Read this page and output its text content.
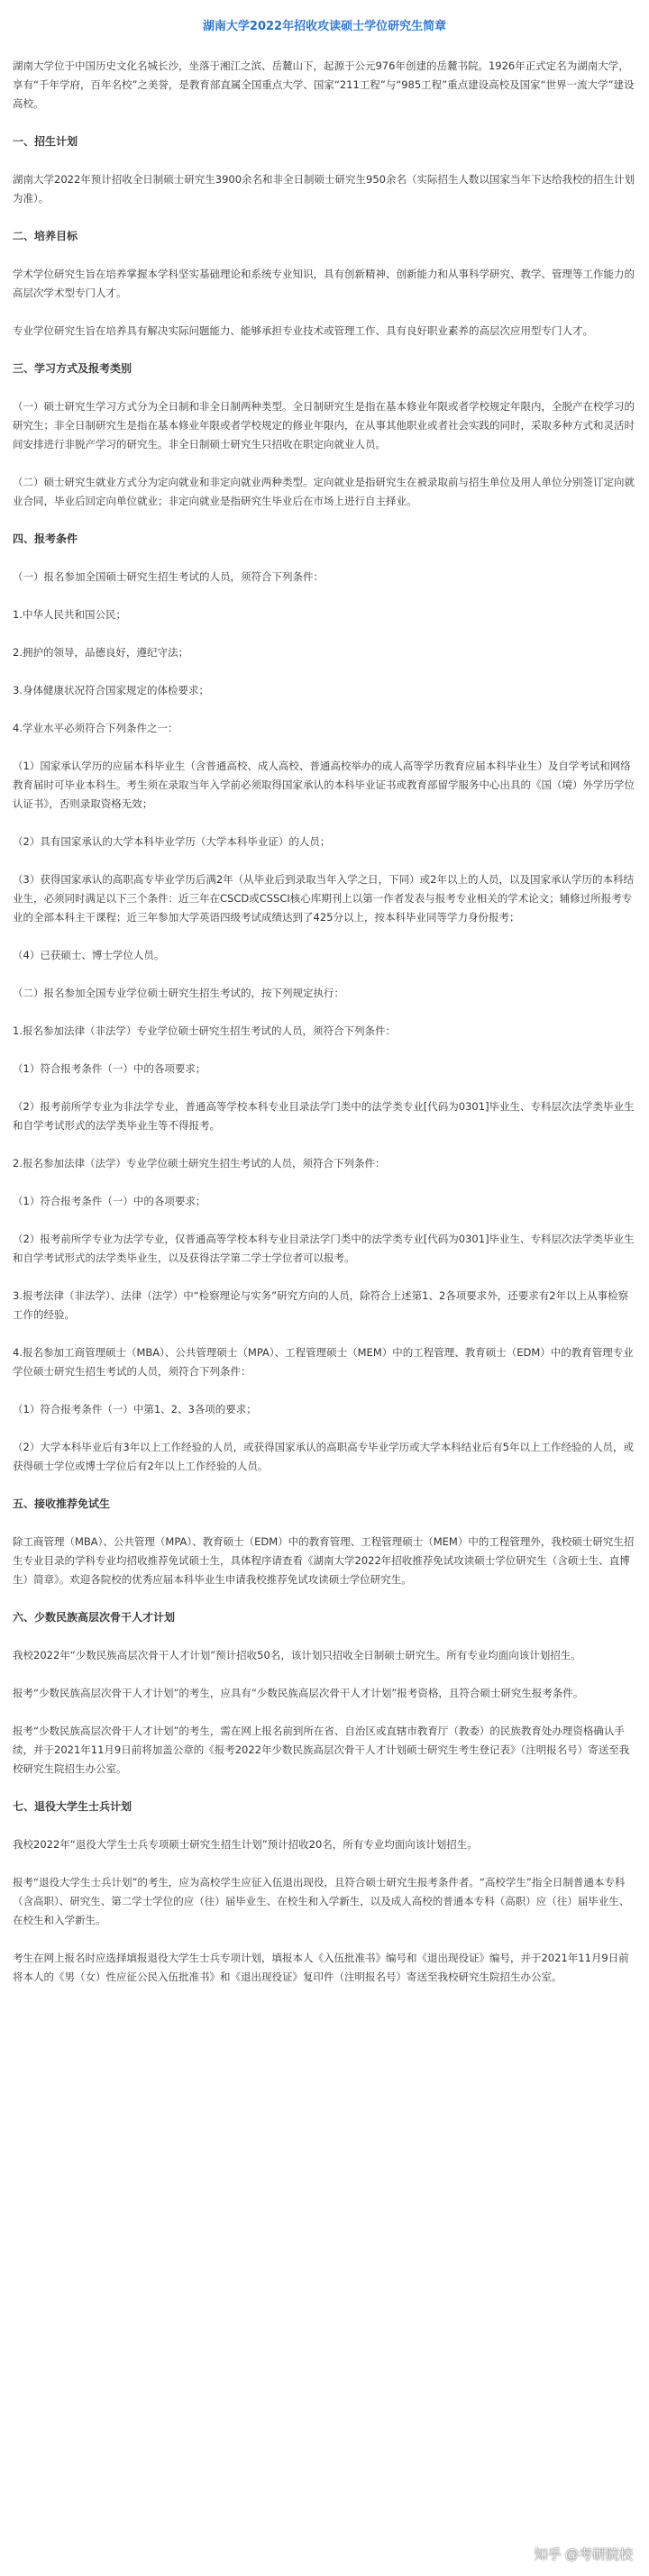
湖南大学2022年招收攻读硕士学位研究生简章
湖南大学位于中国历史文化名城长沙，坐落于湘江之滨、岳麓山下，起源于公元976年创建的岳麓书院。1926年正式定名为湖南大学，享有“千年学府，百年名校”之美誉，是教育部直属全国重点大学、国家“211工程”与“985工程”重点建设高校及国家“世界一流大学”建设高校。
一、招生计划
湖南大学2022年预计招收全日制硕士研究生3900余名和非全日制硕士研究生950余名（实际招生人数以国家当年下达给我校的招生计划为准）。
二、培养目标
学术学位研究生旨在培养掌握本学科坚实基础理论和系统专业知识，具有创新精神、创新能力和从事科学研究、教学、管理等工作能力的高层次学术型专门人才。
专业学位研究生旨在培养具有解决实际问题能力、能够承担专业技术或管理工作、具有良好职业素养的高层次应用型专门人才。
三、学习方式及报考类别
（一）硕士研究生学习方式分为全日制和非全日制两种类型。全日制研究生是指在基本修业年限或者学校规定年限内，全脱产在校学习的研究生；非全日制研究生是指在基本修业年限或者学校规定的修业年限内，在从事其他职业或者社会实践的同时，采取多种方式和灵活时间安排进行非脱产学习的研究生。非全日制硕士研究生只招收在职定向就业人员。
（二）硕士研究生就业方式分为定向就业和非定向就业两种类型。定向就业是指研究生在被录取前与招生单位及用人单位分别签订定向就业合同，毕业后回定向单位就业；非定向就业是指研究生毕业后在市场上进行自主择业。
四、报考条件
（一）报名参加全国硕士研究生招生考试的人员，须符合下列条件：
1.中华人民共和国公民；
2.拥护的领导，品德良好，遵纪守法；
3.身体健康状况符合国家规定的体检要求；
4.学业水平必须符合下列条件之一：
（1）国家承认学历的应届本科毕业生（含普通高校、成人高校、普通高校举办的成人高等学历教育应届本科毕业生）及自学考试和网络教育届时可毕业本科生。考生须在录取当年入学前必须取得国家承认的本科毕业证书或教育部留学服务中心出具的《国（境）外学历学位认证书》，否则录取资格无效；
（2）具有国家承认的大学本科毕业学历（大学本科毕业证）的人员；
（3）获得国家承认的高职高专毕业学历后满2年（从毕业后到录取当年入学之日，下同）或2年以上的人员，以及国家承认学历的本科结业生，必须同时满足以下三个条件：近三年在CSCD或CSSCI核心库期刊上以第一作者发表与报考专业相关的学术论文；辅修过所报考专业的全部本科主干课程；近三年参加大学英语四级考试成绩达到了425分以上，按本科毕业同等学力身份报考；
（4）已获硕士、博士学位人员。
（二）报名参加全国专业学位硕士研究生招生考试的，按下列规定执行：
1.报名参加法律（非法学）专业学位硕士研究生招生考试的人员，须符合下列条件：
（1）符合报考条件（一）中的各项要求；
（2）报考前所学专业为非法学专业，普通高等学校本科专业目录法学门类中的法学类专业[代码为0301]毕业生、专科层次法学类毕业生和自学考试形式的法学类毕业生等不得报考。
2.报名参加法律（法学）专业学位硕士研究生招生考试的人员，须符合下列条件：
（1）符合报考条件（一）中的各项要求；
（2）报考前所学专业为法学专业，仅普通高等学校本科专业目录法学门类中的法学类专业[代码为0301]毕业生、专科层次法学类毕业生和自学考试形式的法学类毕业生，以及获得法学第二学士学位者可以报考。
3.报考法律（非法学）、法律（法学）中“检察理论与实务”研究方向的人员，除符合上述第1、2各项要求外，还要求有2年以上从事检察工作的经验。
4.报名参加工商管理硕士（MBA）、公共管理硕士（MPA）、工程管理硕士（MEM）中的工程管理、教育硕士（EDM）中的教育管理专业学位硕士研究生招生考试的人员，须符合下列条件：
（1）符合报考条件（一）中第1、2、3各项的要求；
（2）大学本科毕业后有3年以上工作经验的人员，或获得国家承认的高职高专毕业学历或大学本科结业后有5年以上工作经验的人员，或获得硕士学位或博士学位后有2年以上工作经验的人员。
五、接收推荐免试生
除工商管理（MBA）、公共管理（MPA）、教育硕士（EDM）中的教育管理、工程管理硕士（MEM）中的工程管理外，我校硕士研究生招生专业目录的学科专业均招收推荐免试硕士生，具体程序请查看《湖南大学2022年招收推荐免试攻读硕士学位研究生（含硕士生、直博生）简章》。欢迎各院校的优秀应届本科毕业生申请我校推荐免试攻读硕士学位研究生。
六、少数民族高层次骨干人才计划
我校2022年“少数民族高层次骨干人才计划”预计招收50名，该计划只招收全日制硕士研究生。所有专业均面向该计划招生。
报考“少数民族高层次骨干人才计划”的考生，应具有“少数民族高层次骨干人才计划”报考资格，且符合硕士研究生报考条件。
报考“少数民族高层次骨干人才计划”的考生，需在网上报名前到所在省、自治区或直辖市教育厅（教委）的民族教育处办理资格确认手续，并于2021年11月9日前将加盖公章的《报考2022年少数民族高层次骨干人才计划硕士研究生考生登记表》（注明报名号）寄送至我校研究生院招生办公室。
七、退役大学生士兵计划
我校2022年“退役大学生士兵专项硕士研究生招生计划”预计招收20名，所有专业均面向该计划招生。
报考“退役大学生士兵计划”的考生，应为高校学生应征入伍退出现役，且符合硕士研究生报考条件者。“高校学生”指全日制普通本专科（含高职）、研究生、第二学士学位的应（往）届毕业生、在校生和入学新生，以及成人高校的普通本专科（高职）应（往）届毕业生、在校生和入学新生。
考生在网上报名时应选择填报退役大学生士兵专项计划，填报本人《入伍批准书》编号和《退出现役证》编号，并于2021年11月9日前将本人的《男（女）性应征公民入伍批准书》和《退出现役证》复印件（注明报名号）寄送至我校研究生院招生办公室。
知乎 @考研院校
